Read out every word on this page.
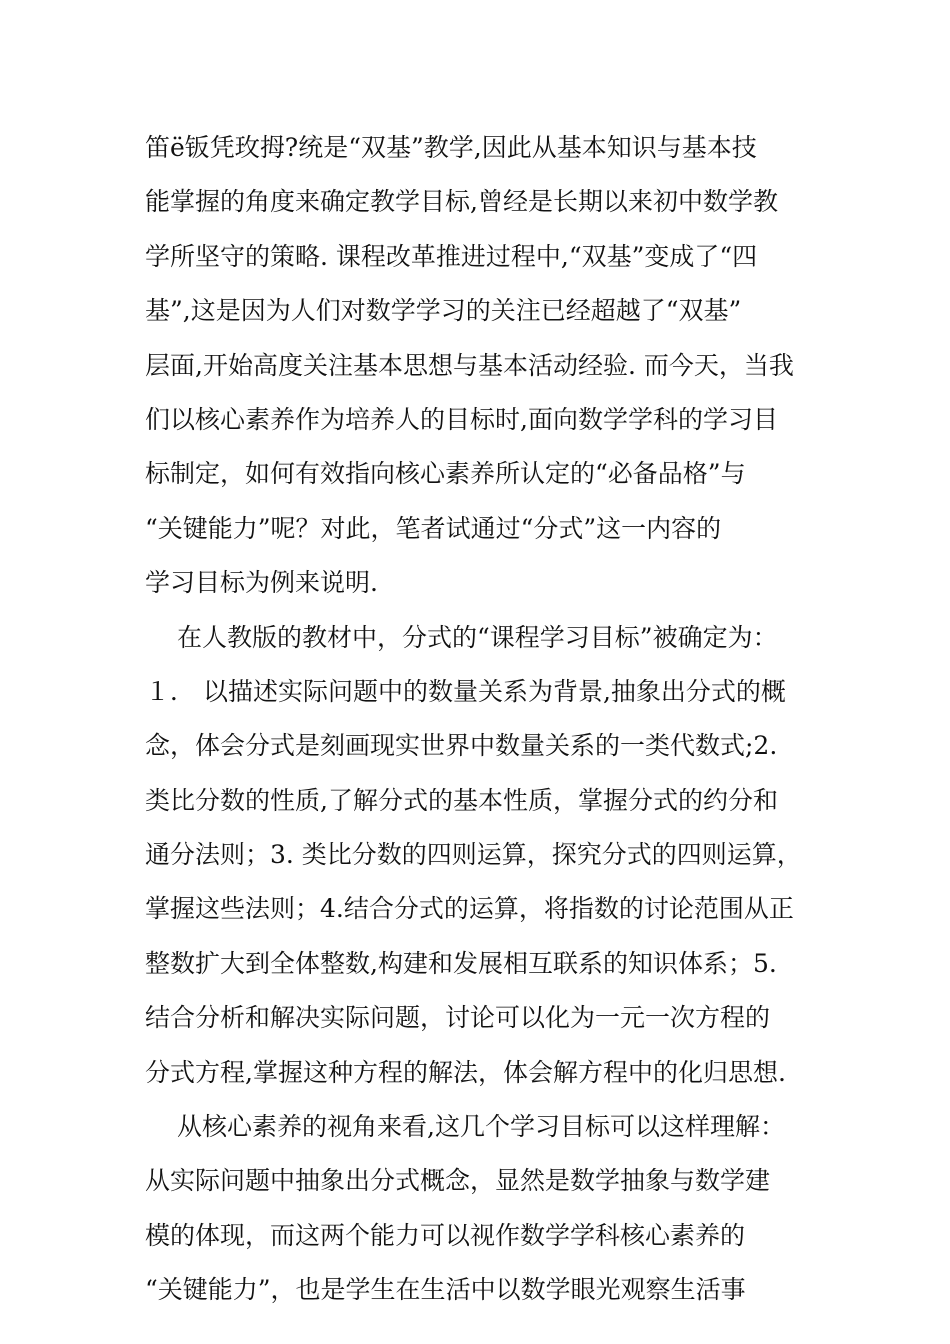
笛ë钣凭玫拇?统是“双基”教学,因此从基本知识与基本技
能掌握的角度来确定教学目标,曾经是长期以来初中数学教
学所坚守的策略. 课程改革推进过程中,“双基”变成了“四
基”,这是因为人们对数学学习的关注已经超越了“双基”
层面,开始高度关注基本思想与基本活动经验. 而今天，当我
们以核心素养作为培养人的目标时,面向数学学科的学习目
标制定，如何有效指向核心素养所认定的“必备品格”与
“关键能力”呢？对此，笔者试通过“分式”这一内容的
学习目标为例来说明.
在人教版的教材中，分式的“课程学习目标”被确定为：
１． 以描述实际问题中的数量关系为背景,抽象出分式的概
念，体会分式是刻画现实世界中数量关系的一类代数式;2.
类比分数的性质,了解分式的基本性质，掌握分式的约分和
通分法则；3. 类比分数的四则运算，探究分式的四则运算，
掌握这些法则；4.结合分式的运算，将指数的讨论范围从正
整数扩大到全体整数,构建和发展相互联系的知识体系；5.
结合分析和解决实际问题，讨论可以化为一元一次方程的
分式方程,掌握这种方程的解法，体会解方程中的化归思想.
从核心素养的视角来看,这几个学习目标可以这样理解：
从实际问题中抽象出分式概念，显然是数学抽象与数学建
模的体现，而这两个能力可以视作数学学科核心素养的
“关键能力”，也是学生在生活中以数学眼光观察生活事
